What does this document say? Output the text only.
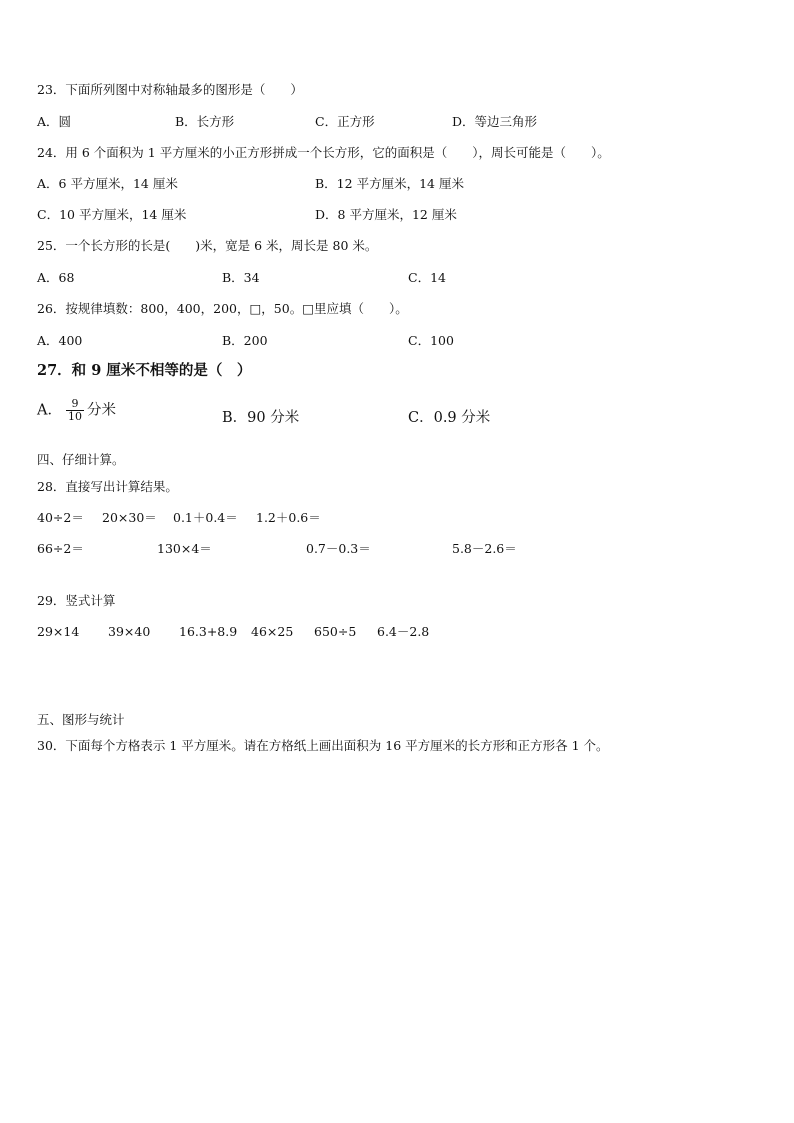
23．下面所列图中对称轴最多的图形是（　　）
A．圆	B．长方形	C．正方形	D．等边三角形
24．用 6 个面积为 1 平方厘米的小正方形拼成一个长方形，它的面积是（　　），周长可能是（　　）。
A．6 平方厘米，14 厘米	B．12 平方厘米，14 厘米
C．10 平方厘米，14 厘米	D．8 平方厘米，12 厘米
25．一个长方形的长是(　　)米，宽是 6 米，周长是 80 米。
A．68	B．34	C．14
26．按规律填数：800，400，200，□，50。□里应填（　　）。
A．400	B．200	C．100
27．和 9 厘米不相等的是（　）
A． $\frac{9}{10}$ 分米	B．90 分米	C．0.9 分米
四、仔细计算。
28．直接写出计算结果。
40÷2＝ 20×30＝ 0.1＋0.4＝ 1.2＋0.6＝
66÷2＝	130×4＝	0.7－0.3＝	5.8－2.6＝
29．竖式计算
29×14 39×40 16.3+8.9 46×25 650÷5 6.4－2.8
五、图形与统计
30．下面每个方格表示 1 平方厘米。请在方格纸上画出面积为 16 平方厘米的长方形和正方形各 1 个。
